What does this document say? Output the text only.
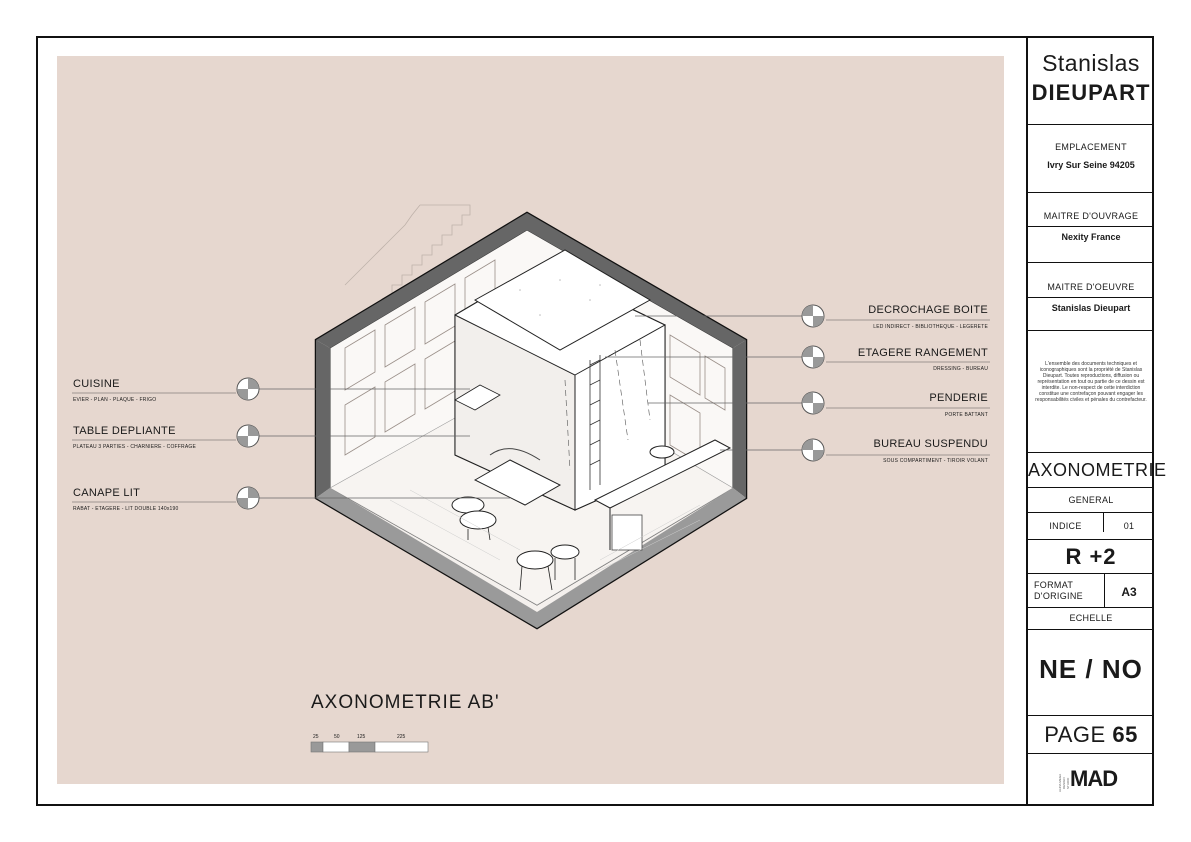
CUISINE
EVIER - PLAN - PLAQUE - FRIGO
TABLE DEPLIANTE
PLATEAU 3 PARTIES - CHARNIERE - COFFRAGE
CANAPE LIT
RABAT - ETAGERE - LIT DOUBLE 140x190
DECROCHAGE BOITE
LED INDIRECT - BIBLIOTHEQUE - LEGERETE
ETAGERE RANGEMENT
DRESSING - BUREAU
PENDERIE
PORTE BATTANT
BUREAU SUSPENDU
SOUS COMPARTIMENT - TIROIR VOLANT
AXONOMETRIE AB'
25	50	125	225
Stanislas
DIEUPART
EMPLACEMENT
Ivry Sur Seine 94205
MAITRE D'OUVRAGE
Nexity France
MAITRE D'OEUVRE
Stanislas Dieupart
L'ensemble des documents techniques et iconographiques sont la propriété de Stanislas Dieupart. Toutes reproductions, diffusion ou représentation en tout ou partie de ce dessin est interdite. Le non-respect de cette interdiction constitue une contrefaçon pouvant engager les responsabilités civiles et pénales du contrefacteur.
AXONOMETRIE
GENERAL
INDICE	01
R +2
FORMAT D'ORIGINE	A3
ECHELLE
NE / NO
PAGE 65
ALINA MEGA DESIGN STUDIO MAD
